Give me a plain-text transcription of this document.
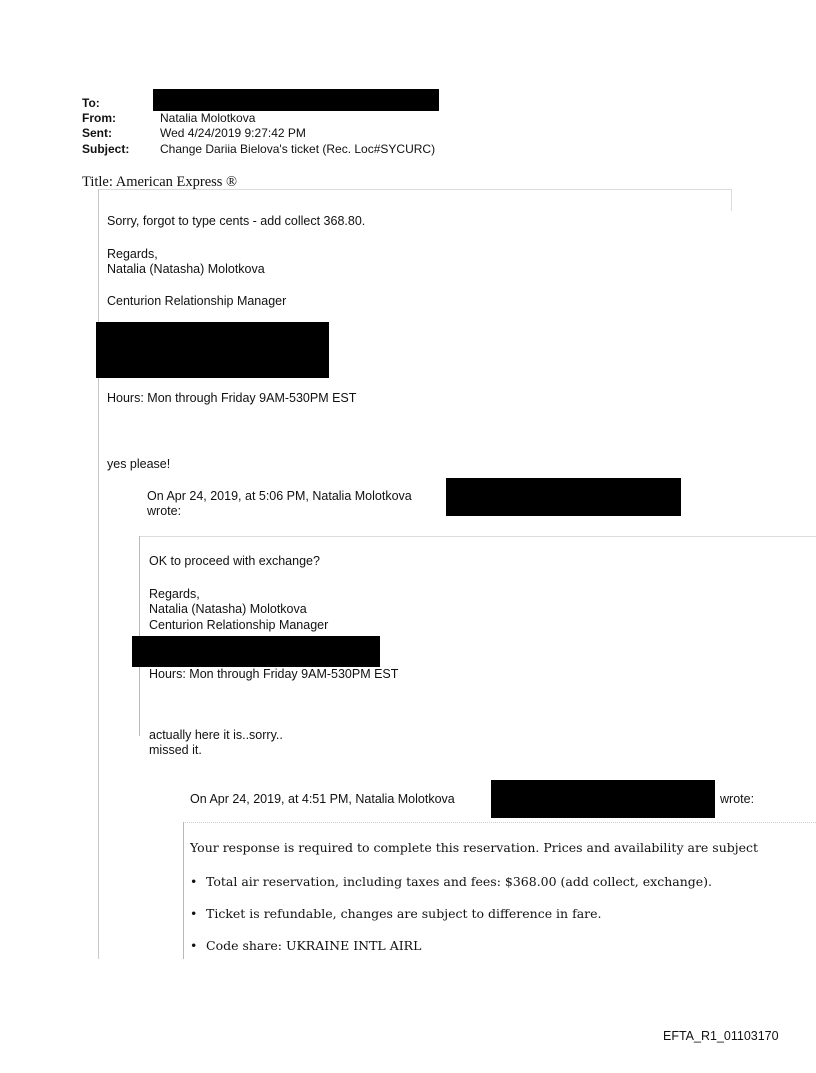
To:
From:	Natalia Molotkova
Sent:	Wed 4/24/2019 9:27:42 PM
Subject:	Change Dariia Bielova's ticket (Rec. Loc#SYCURC)
Title: American Express ®
Sorry, forgot to type cents - add collect 368.80.
Regards,
Natalia (Natasha) Molotkova
Centurion Relationship Manager
Hours: Mon through Friday 9AM-530PM EST
yes please!
On Apr 24, 2019, at 5:06 PM, Natalia Molotkova
wrote:
OK to proceed with exchange?
Regards,
Natalia (Natasha) Molotkova
Centurion Relationship Manager
Hours: Mon through Friday 9AM-530PM EST
actually here it is..sorry..
missed it.
On Apr 24, 2019, at 4:51 PM, Natalia Molotkova	wrote:
Your response is required to complete this reservation. Prices and availability are subject
• Total air reservation, including taxes and fees: $368.00 (add collect, exchange).
• Ticket is refundable, changes are subject to difference in fare.
• Code share: UKRAINE INTL AIRL
EFTA_R1_01103170
